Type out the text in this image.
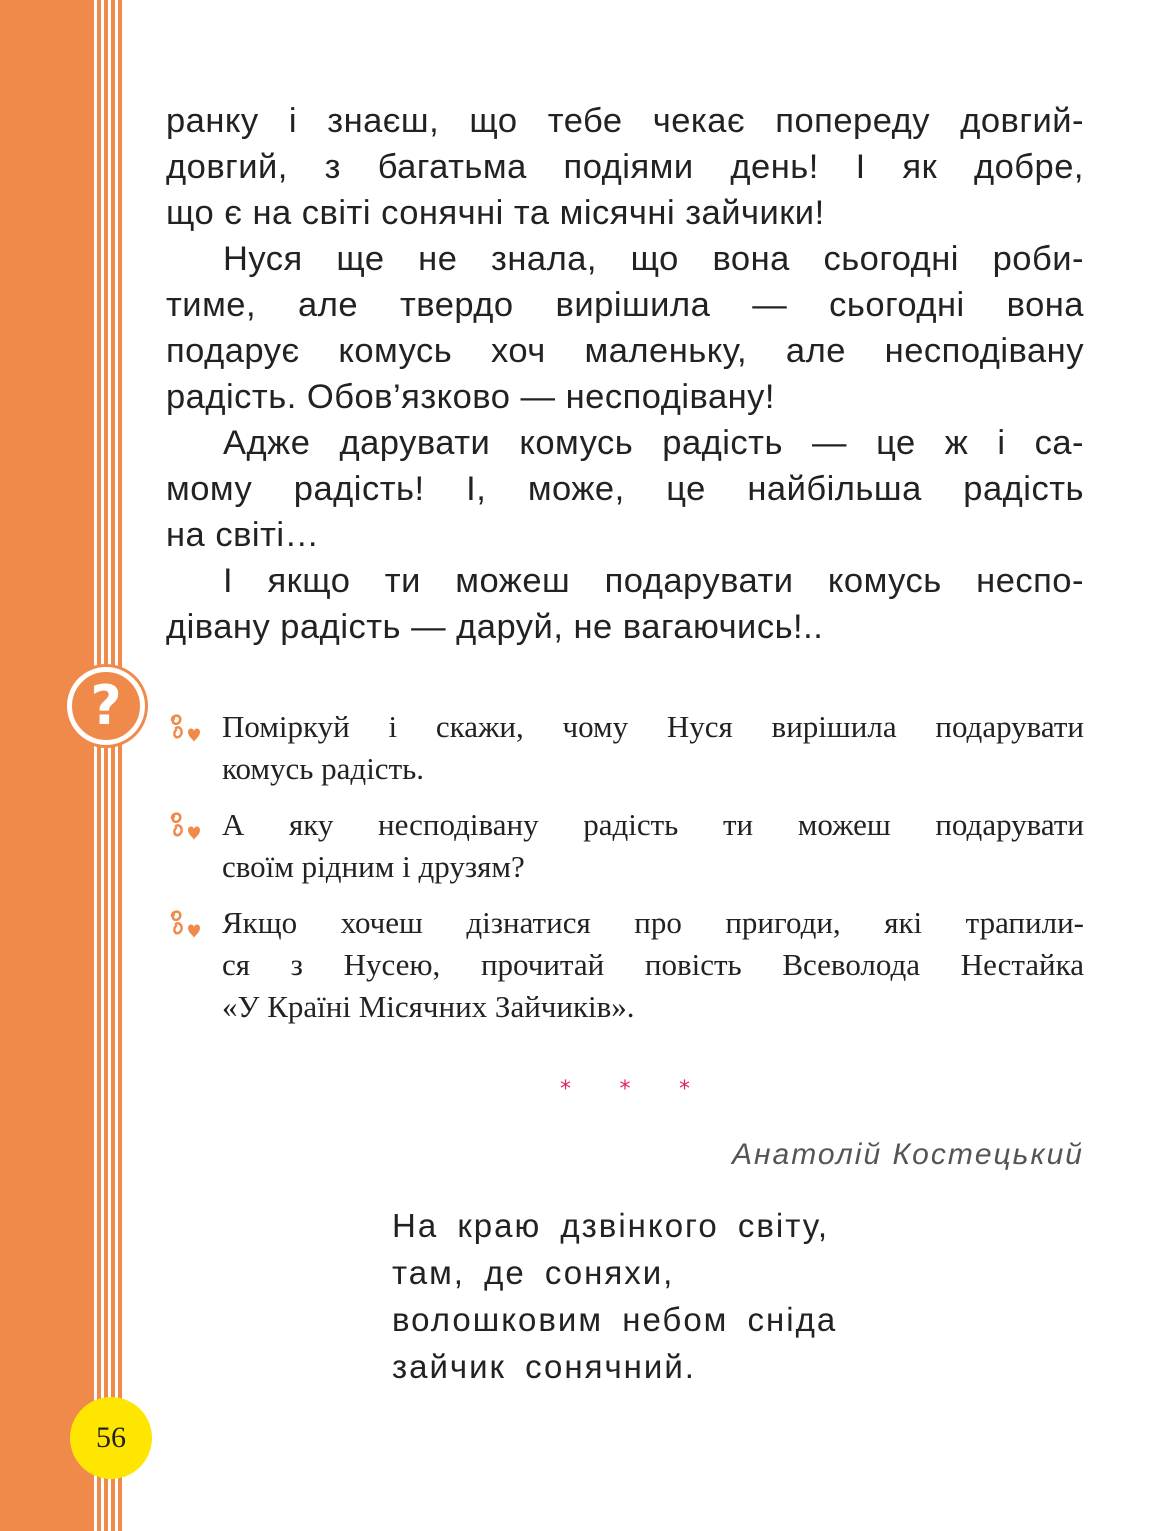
?
ранку і знаєш, що тебе чекає попереду довгий-
довгий, з багатьма подіями день! І як добре,
що є на світі сонячні та місячні зайчики!
Нуся ще не знала, що вона сьогодні роби-
тиме, але твердо вирішила — сьогодні вона
подарує комусь хоч маленьку, але несподівану
радість. Обов’язково — несподівану!
Адже дарувати комусь радість — це ж і са-
мому радість! І, може, це найбільша радість
на світі…
І якщо ти можеш подарувати комусь неспо-
дівану радість — даруй, не вагаючись!..
Поміркуй і скажи, чому Нуся вирішила подарувати
комусь радість.
А яку несподівану радість ти можеш подарувати
своїм рідним і друзям?
Якщо хочеш дізнатися про пригоди, які трапили-
ся з Нусею, прочитай повість Всеволода Нестайка
«У Країні Місячних Зайчиків».
* * *
Анатолій Костецький
На краю дзвінкого світу,
там, де соняхи,
волошковим небом сніда
зайчик сонячний.
56
